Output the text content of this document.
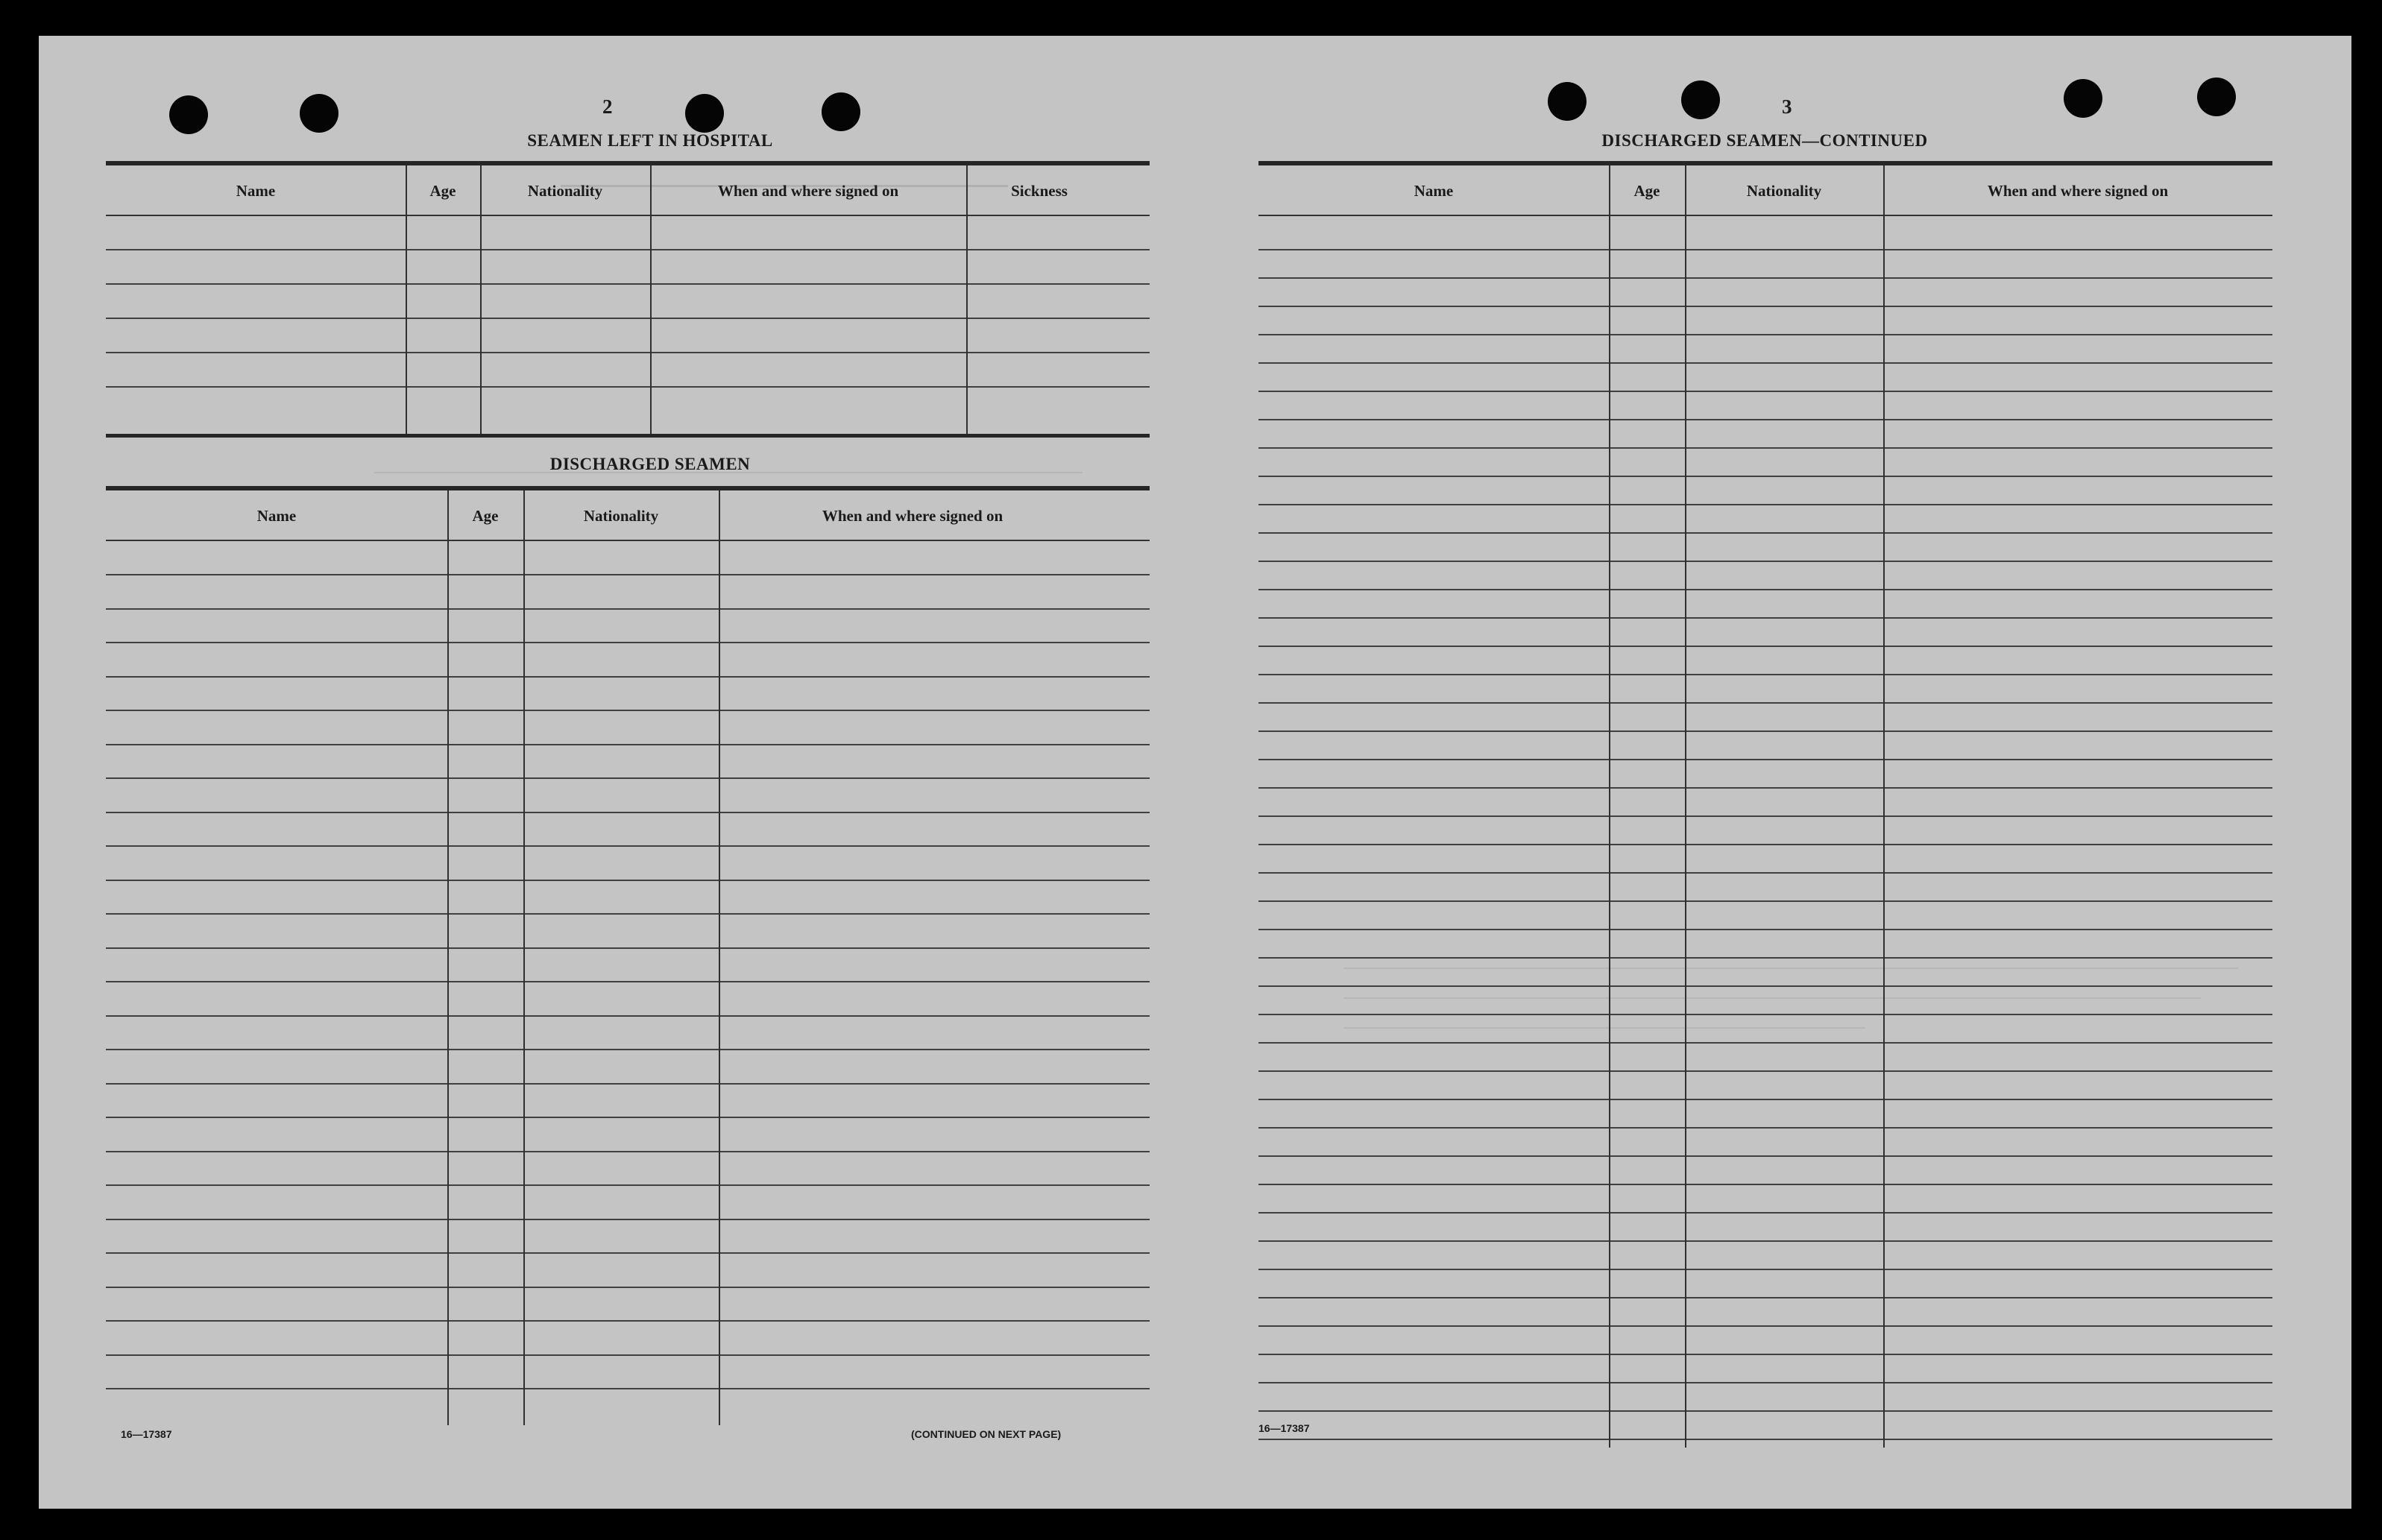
2
SEAMEN LEFT IN HOSPITAL
Name	Age	Nationality	When and where signed on	Sickness
DISCHARGED SEAMEN
Name	Age	Nationality	When and where signed on
16—17387	(CONTINUED ON NEXT PAGE)
3
DISCHARGED SEAMEN—CONTINUED
Name	Age	Nationality	When and where signed on
16—17387
